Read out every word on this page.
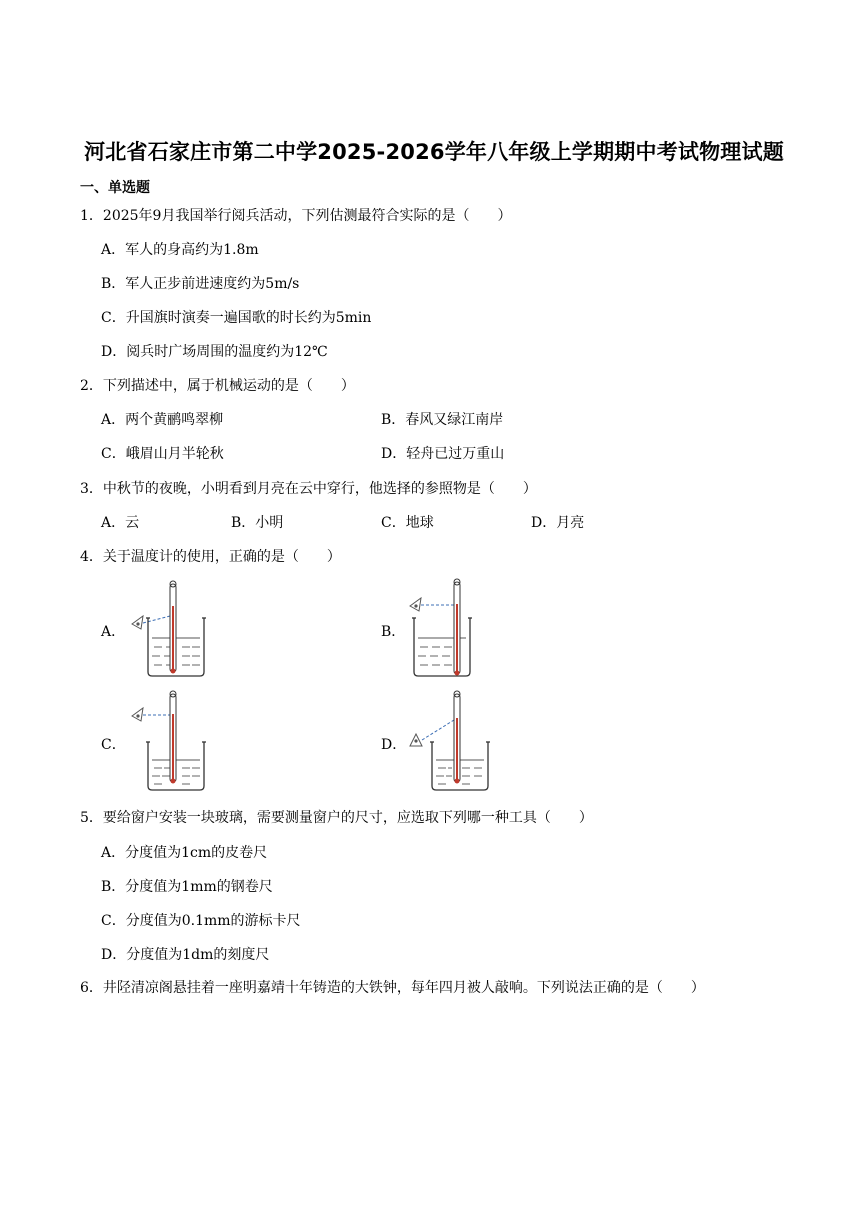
河北省石家庄市第二中学2025-2026学年八年级上学期期中考试物理试题
一、单选题
1．2025年9月我国举行阅兵活动，下列估测最符合实际的是（　　）
A．军人的身高约为1.8m
B．军人正步前进速度约为5m/s
C．升国旗时演奏一遍国歌的时长约为5min
D．阅兵时广场周围的温度约为12℃
2．下列描述中，属于机械运动的是（　　）
A．两个黄鹂鸣翠柳	B．春风又绿江南岸
C．峨眉山月半轮秋	D．轻舟已过万重山
3．中秋节的夜晚，小明看到月亮在云中穿行，他选择的参照物是（　　）
A．云	B．小明	C．地球	D．月亮
4．关于温度计的使用，正确的是（　　）
A．	B．
C．	D．
5．要给窗户安装一块玻璃，需要测量窗户的尺寸，应选取下列哪一种工具（　　）
A．分度值为1cm的皮卷尺
B．分度值为1mm的钢卷尺
C．分度值为0.1mm的游标卡尺
D．分度值为1dm的刻度尺
6．井陉清凉阁悬挂着一座明嘉靖十年铸造的大铁钟，每年四月被人敲响。下列说法正确的是（　　）
